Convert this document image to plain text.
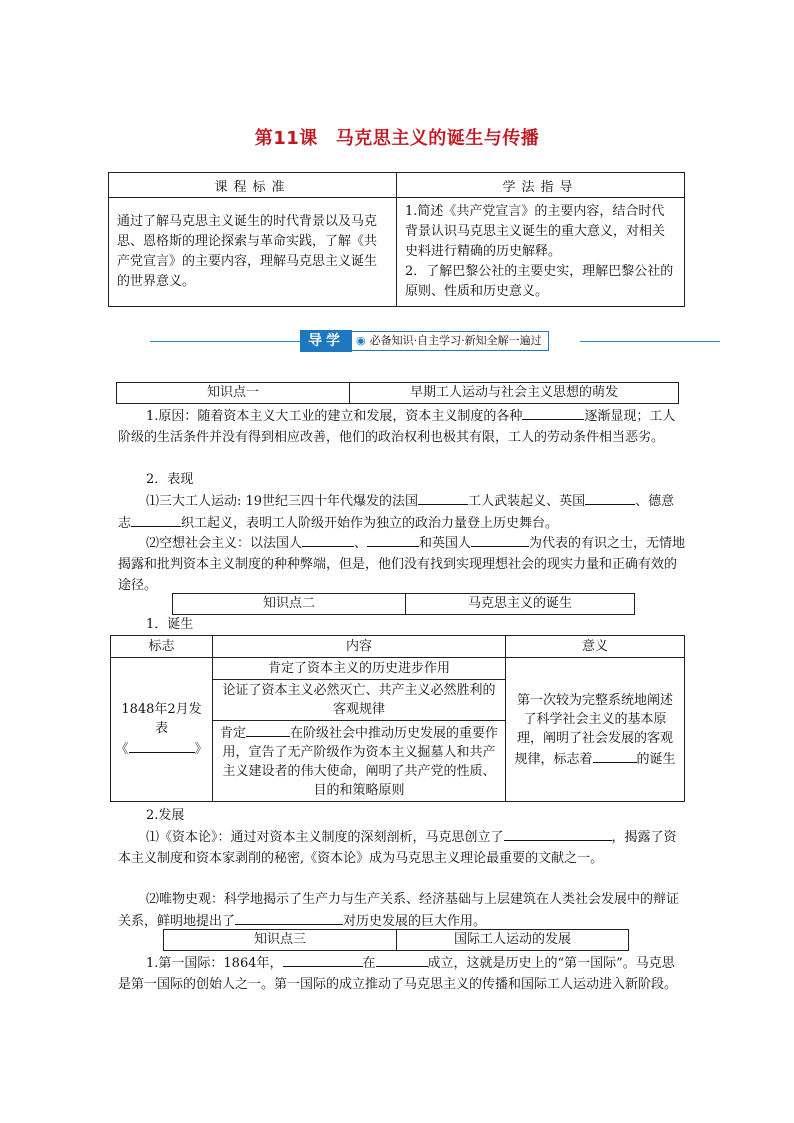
第11课 马克思主义的诞生与传播
课程标准	学法指导
通过了解马克思主义诞生的时代背景以及马克思、恩格斯的理论探索与革命实践，了解《共产党宣言》的主要内容，理解马克思主义诞生的世界意义。	1.简述《共产党宣言》的主要内容，结合时代背景认识马克思主义诞生的重大意义，对相关史料进行精确的历史解释。
2．了解巴黎公社的主要史实，理解巴黎公社的原则、性质和历史意义。
导学	◉ 必备知识·自主学习·新知全解一遍过
知识点一	早期工人运动与社会主义思想的萌发

1.原因：随着资本主义大工业的建立和发展，资本主义制度的各种	逐渐显现；工人阶级的生活条件并没有得到相应改善，他们的政治权利也极其有限，工人的劳动条件相当恶劣。

2．表现

⑴三大工人运动: 19世纪三四十年代爆发的法国	工人武装起义、英国	、德意志	织工起义，表明工人阶级开始作为独立的政治力量登上历史舞台。

⑵空想社会主义：以法国人	、	和英国人	为代表的有识之士，无情地揭露和批判资本主义制度的种种弊端，但是，他们没有找到实现理想社会的现实力量和正确有效的途径。

知识点二	马克思主义的诞生

1．诞生

标志	内容	意义

1848年2月发表
《 》	肯定了资本主义的历史进步作用	第一次较为完整系统地阐述了科学社会主义的基本原理，阐明了社会发展的客观规律，标志着 的诞生
	论证了资本主义必然灭亡、共产主义必然胜利的客观规律	
	肯定 在阶级社会中推动历史发展的重要作用，宣告了无产阶级作为资本主义掘墓人和共产主义建设者的伟大使命，阐明了共产党的性质、目的和策略原则	

2.发展

⑴《资本论》：通过对资本主义制度的深刻剖析，马克思创立了	，揭露了资本主义制度和资本家剥削的秘密,《资本论》成为马克思主义理论最重要的文献之一。

⑵唯物史观：科学地揭示了生产力与生产关系、经济基础与上层建筑在人类社会发展中的辩证关系，鲜明地提出了	对历史发展的巨大作用。

知识点三	国际工人运动的发展

1.第一国际：1864年，	在	成立，这就是历史上的“第一国际”。马克思是第一国际的创始人之一。第一国际的成立推动了马克思主义的传播和国际工人运动进入新阶段。
